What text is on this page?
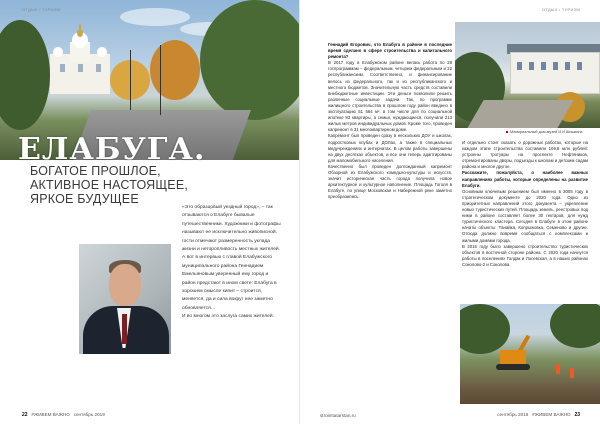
ОТДЫХ / ТУРИЗМ
ЕЛАБУГА.
БОГАТОЕ ПРОШЛОЕ,
АКТИВНОЕ НАСТОЯЩЕЕ,
ЯРКОЕ БУДУЩЕЕ

«Это образцовый уездный город», – так отзываются о Елабуге бывалые путешественники. Художники и фотографы называют ее исключительно живописной, гости отмечают размеренность уклада жизни и неторопливость местных жителей.

А вот в интервью с главой Елабужского муниципального района Геннадием Емельяновым уверенный ему город и район предстают в ином свете: Елабуга в хорошем смысле кипит – строится, меняется, да и сила вокруг нее заметно обновляется…

И во многом это заслуга самих жителей.

22 #ЖИВЕМ ВАЖНО сентябрь 2019
ОТДЫХ / ТУРИЗМ

Геннадий Егорович, что Елабуга в районе в последние время сделано в сфере строительства и капитального ремонта?

В 2017 году в Елабужском районе велась работа по 28 госпрограммам – федеральным, четырем федеральным и 22 республиканским. Соответственно, и финансирование велось из федерального, так и из республиканского и местного бюджетов. Значительную часть средств составили внебюджетные инвестиции. Эти деньги позволили решить различные социальные задачи. Так, по программе жилищного строительства в прошлом году район введено в эксплуатацию 51 564 м², в том числе для по социальной ипотеке 83 квартиры, а семьи, нуждающиеся, получили 213 жилых метров индивидуальных домов. Кроме того, проведен капремонт в 31 многоквартирном доме.

Капремонт был проведен сразу в нескольких ДОУ и школах, подростковых клубах и ДОЛах, а также в специальных медучреждениях и интернатах. В целом работы завершены на двух десятках объектов, и все они теперь адаптированы для маломобильного населения.

Качественно был проведен долгожданный капремонт Обзорной из Елабужского комедьно-культуры и искусств, значит историческая часть города получила новое архитектурное и культурное наполнение. Площадь Гоголя в Елабуге, по улице Московская и Набережной реке заметно преобразились.

Мемориальный дом-музей И.И.Шишкина

И отдельно стоит сказать о дорожных работах, которые на каждом этапе строительства составили 106,8 млн рублей: устроены тротуары на проспекте Нефтяников, отремонтированы дворы, подъезды к школам и детским садам района и многое другое.

Расскажите, пожалуйста, о наиболее важных направлениях работы, которые определены на развитие Елабуги.

Основным ключевым решением был именно в 2005 году в стратегическом документе до 2020 года. Одно из приоритетных направлений этого документа – укрепление новых туристических путей. Площадь земель, реестровых под ними в районе составляет более 30 гектаров, для нужд туристического кластера. Сегодня в Елабуге в этом районе начаты объекты: Танайка, Копрыжовка, Семеново и другие. Отсюда должно вовремя сообщаться с комплексами и жилыми домами города.

В 2015 году было завершено строительство туристических объектов в восточной стороне района. С 2020 года начнутся работы в поселениях Голдак и Лосевская, а в наших районах Соколово-2 и Соколова.

сентябрь 2019 #ЖИВЕМ ВАЖНО 23
stroimtatarstan.ru
